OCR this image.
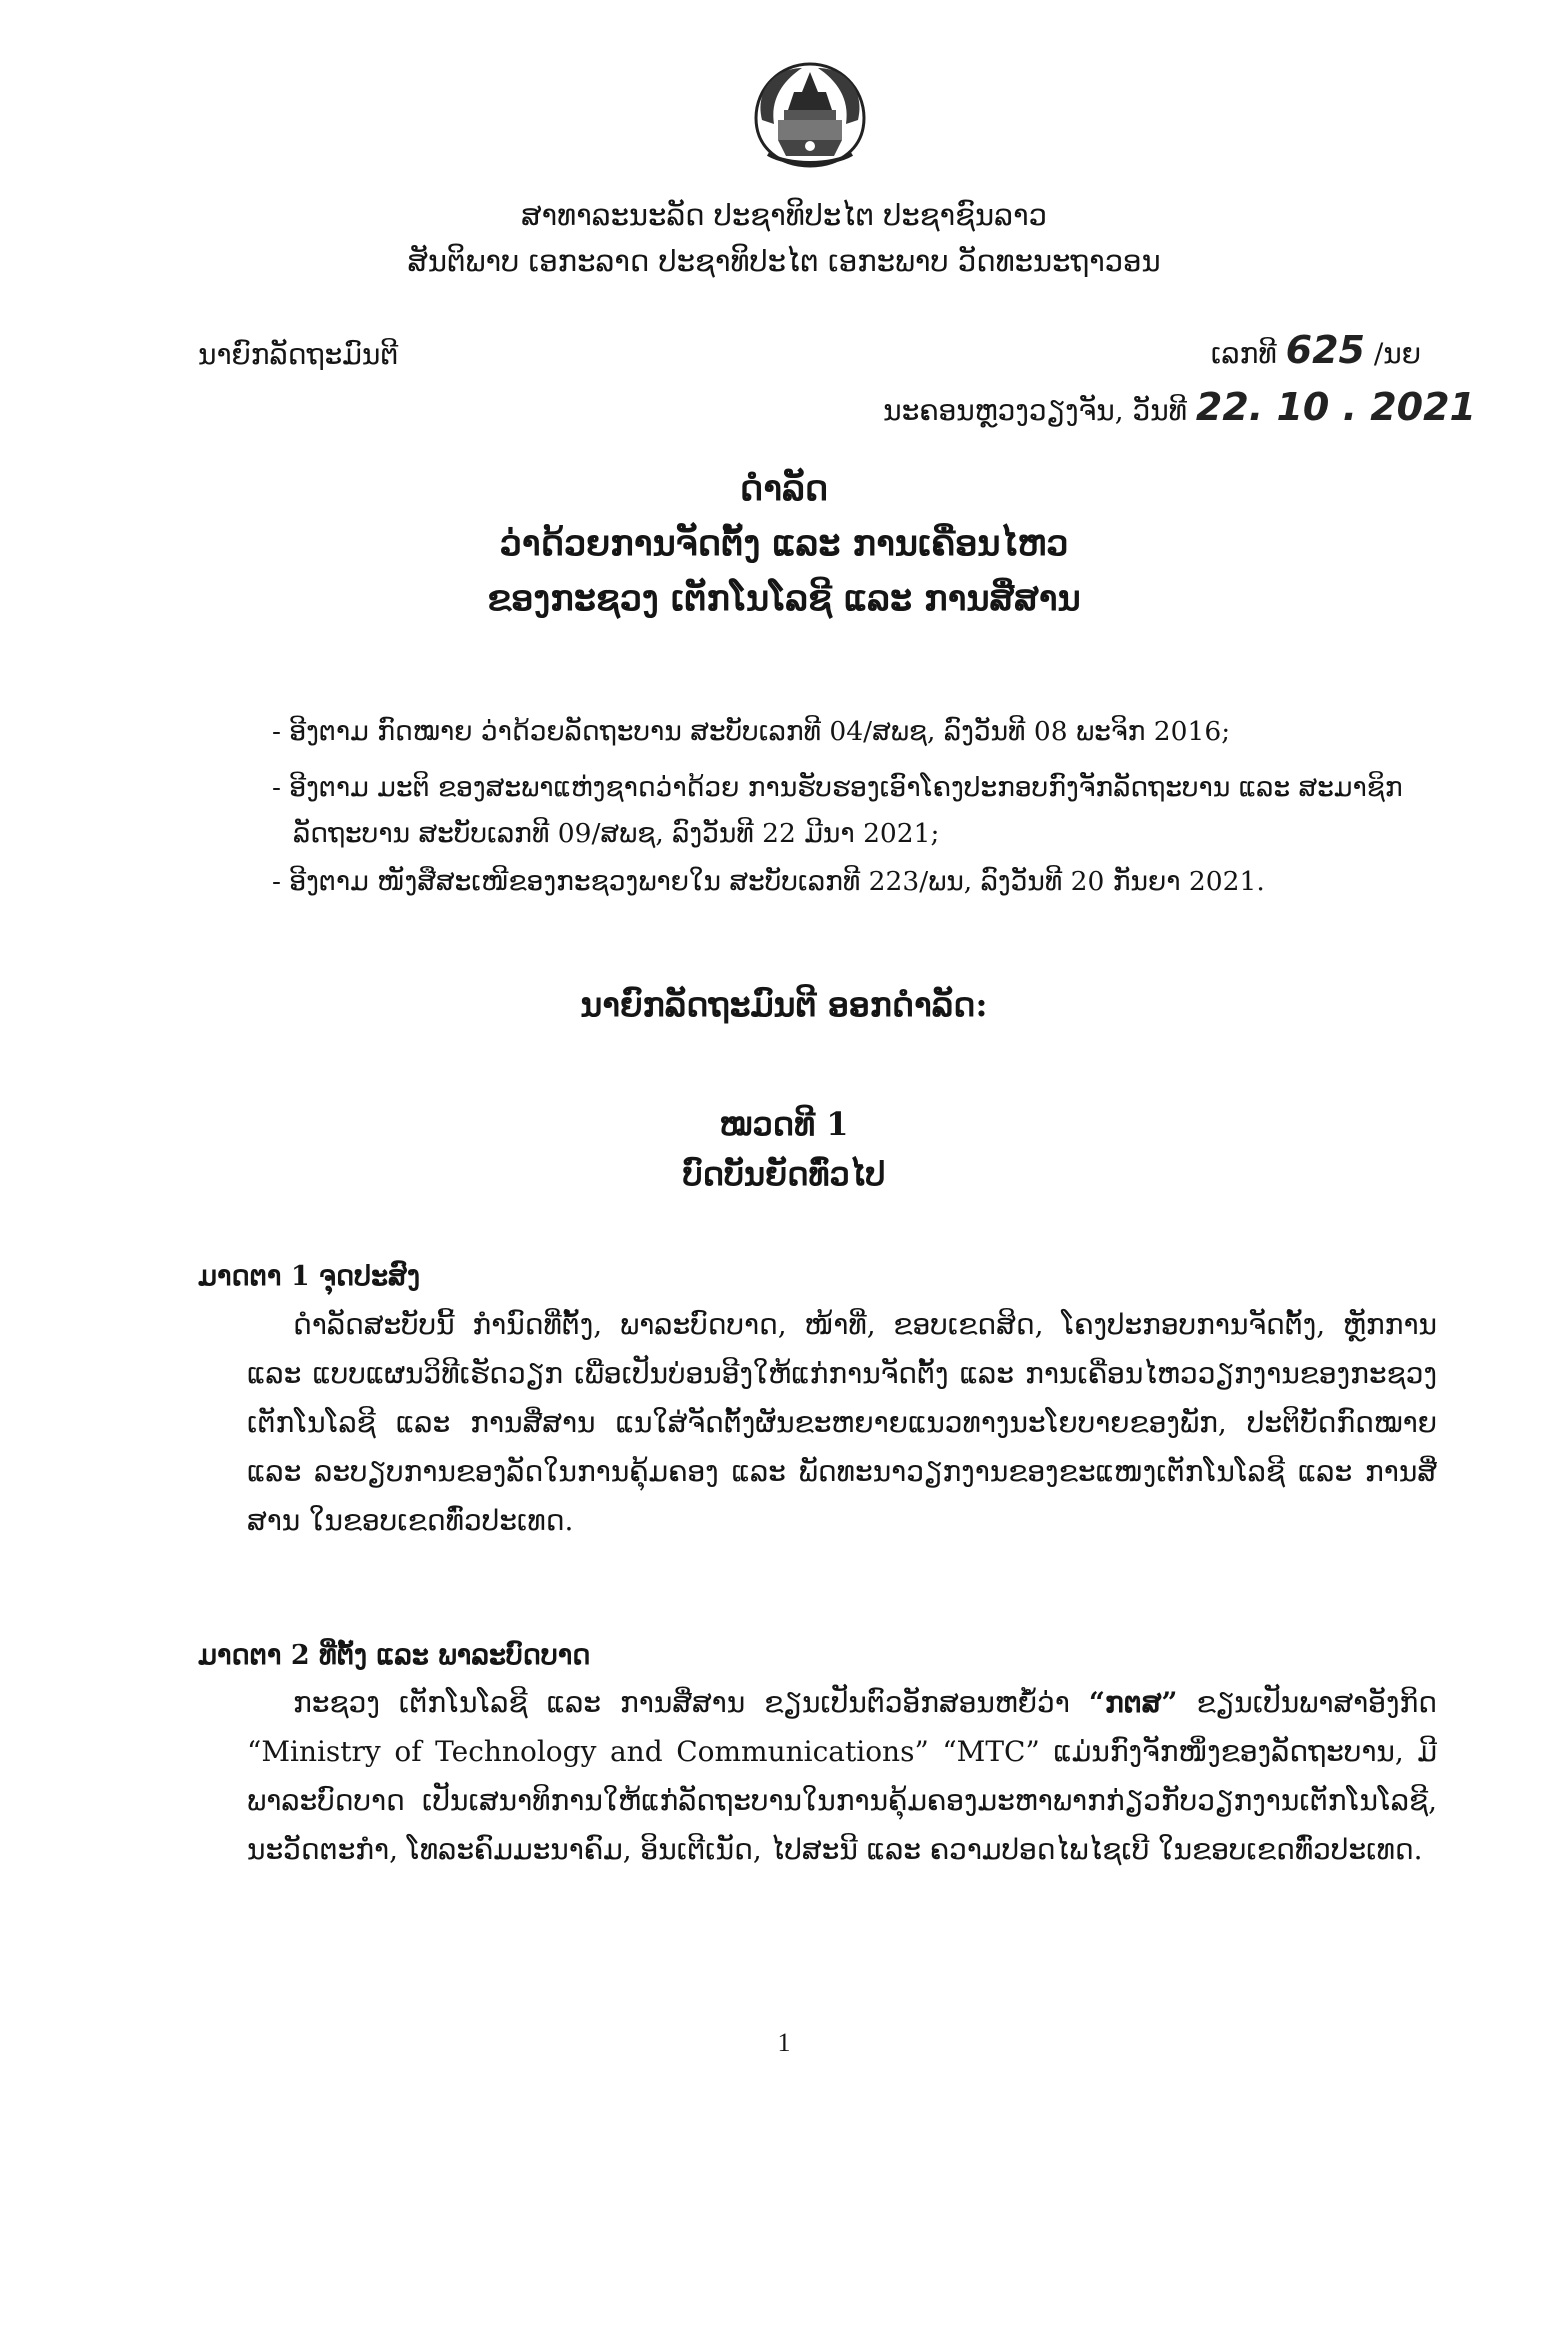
ສາທາລະນະລັດ ປະຊາທິປະໄຕ ປະຊາຊົນລາວ
ສັນຕິພາບ ເອກະລາດ ປະຊາທິປະໄຕ ເອກະພາບ ວັດທະນະຖາວອນ
ນາຍົກລັດຖະມົນຕີ	ເລກທີ 625 /ນຍ
ນະຄອນຫຼວງວຽງຈັນ, ວັນທີ 22. 10 . 2021
ດຳລັດ
ວ່າດ້ວຍການຈັດຕັ້ງ ແລະ ການເຄື່ອນໄຫວ
ຂອງກະຊວງ ເຕັກໂນໂລຊີ ແລະ ການສື່ສານ
- ອີງຕາມ ກົດໝາຍ ວ່າດ້ວຍລັດຖະບານ ສະບັບເລກທີ 04/ສພຊ, ລົງວັນທີ 08 ພະຈິກ 2016;
- ອີງຕາມ ມະຕິ ຂອງສະພາແຫ່ງຊາດວ່າດ້ວຍ ການຮັບຮອງເອົາໂຄງປະກອບກົງຈັກລັດຖະບານ ແລະ ສະມາຊິກ
ລັດຖະບານ ສະບັບເລກທີ 09/ສພຊ, ລົງວັນທີ 22 ມີນາ 2021;
- ອີງຕາມ ໜັງສືສະເໜີຂອງກະຊວງພາຍໃນ ສະບັບເລກທີ 223/ພນ, ລົງວັນທີ 20 ກັນຍາ 2021.
ນາຍົກລັດຖະມົນຕີ ອອກດຳລັດ:
ໝວດທີ 1
ບົດບັນຍັດທົ່ວໄປ
ມາດຕາ 1 ຈຸດປະສົງ
ດຳລັດສະບັບນີ້ ກຳນົດທີ່ຕັ້ງ, ພາລະບົດບາດ, ໜ້າທີ່, ຂອບເຂດສິດ, ໂຄງປະກອບການຈັດຕັ້ງ, ຫຼັກການ ແລະ ແບບແຜນວິທີເຮັດວຽກ ເພື່ອເປັນບ່ອນອີງໃຫ້ແກ່ການຈັດຕັ້ງ ແລະ ການເຄື່ອນໄຫວວຽກງານຂອງກະຊວງ ເຕັກໂນໂລຊີ ແລະ ການສື່ສານ ແນໃສ່ຈັດຕັ້ງຜັນຂະຫຍາຍແນວທາງນະໂຍບາຍຂອງພັກ, ປະຕິບັດກົດໝາຍ ແລະ ລະບຽບການຂອງລັດໃນການຄຸ້ມຄອງ ແລະ ພັດທະນາວຽກງານຂອງຂະແໜງເຕັກໂນໂລຊີ ແລະ ການສື່ສານ ໃນຂອບເຂດທົ່ວປະເທດ.
ມາດຕາ 2 ທີ່ຕັ້ງ ແລະ ພາລະບົດບາດ
ກະຊວງ ເຕັກໂນໂລຊີ ແລະ ການສື່ສານ ຂຽນເປັນຕົວອັກສອນຫຍໍ້ວ່າ “ກຕສ” ຂຽນເປັນພາສາອັງກິດ “Ministry of Technology and Communications” “MTC” ແມ່ນກົງຈັກໜຶ່ງຂອງລັດຖະບານ, ມີພາລະບົດບາດ ເປັນເສນາທິການໃຫ້ແກ່ລັດຖະບານໃນການຄຸ້ມຄອງມະຫາພາກກ່ຽວກັບວຽກງານເຕັກໂນໂລຊີ, ນະວັດຕະກຳ, ໂທລະຄົມມະນາຄົມ, ອິນເຕີເນັດ, ໄປສະນີ ແລະ ຄວາມປອດໄພໄຊເບີ ໃນຂອບເຂດທົ່ວປະເທດ.
1
